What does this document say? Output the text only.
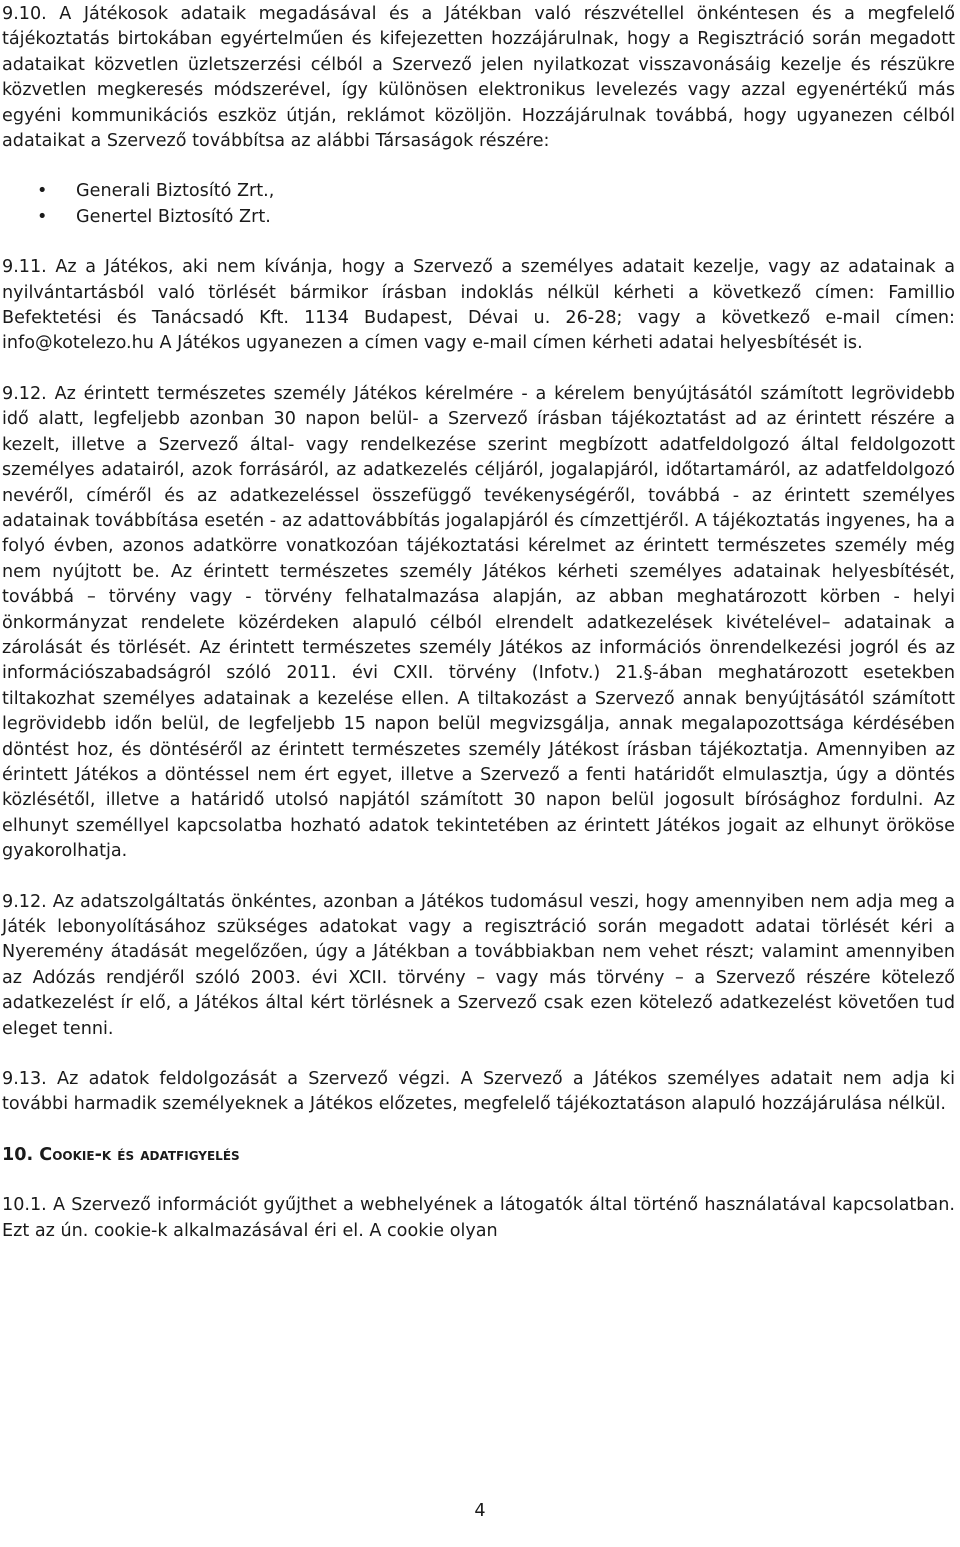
9.10. A Játékosok adataik megadásával és a Játékban való részvétellel önkéntesen és a megfelelő tájékoztatás birtokában egyértelműen és kifejezetten hozzájárulnak, hogy a Regisztráció során megadott adataikat közvetlen üzletszerzési célból a Szervező jelen nyilatkozat visszavonásáig kezelje és részükre közvetlen megkeresés módszerével, így különösen elektronikus levelezés vagy azzal egyenértékű más egyéni kommunikációs eszköz útján, reklámot közöljön. Hozzájárulnak továbbá, hogy ugyanezen célból adataikat a Szervező továbbítsa az alábbi Társaságok részére:

• Generali Biztosító Zrt.,
• Genertel Biztosító Zrt.

9.11. Az a Játékos, aki nem kívánja, hogy a Szervező a személyes adatait kezelje, vagy az adatainak a nyilvántartásból való törlését bármikor írásban indoklás nélkül kérheti a következő címen: Famillio Befektetési és Tanácsadó Kft. 1134 Budapest, Dévai u. 26-28; vagy a következő e-mail címen: info@kotelezo.hu A Játékos ugyanezen a címen vagy e-mail címen kérheti adatai helyesbítését is.

9.12. Az érintett természetes személy Játékos kérelmére - a kérelem benyújtásától számított legrövidebb idő alatt, legfeljebb azonban 30 napon belül- a Szervező írásban tájékoztatást ad az érintett részére a kezelt, illetve a Szervező által- vagy rendelkezése szerint megbízott adatfeldolgozó által feldolgozott személyes adatairól, azok forrásáról, az adatkezelés céljáról, jogalapjáról, időtartamáról, az adatfeldolgozó nevéről, címéről és az adatkezeléssel összefüggő tevékenységéről, továbbá - az érintett személyes adatainak továbbítása esetén - az adattovábbítás jogalapjáról és címzettjéről. A tájékoztatás ingyenes, ha a folyó évben, azonos adatkörre vonatkozóan tájékoztatási kérelmet az érintett természetes személy még nem nyújtott be. Az érintett természetes személy Játékos kérheti személyes adatainak helyesbítését, továbbá – törvény vagy - törvény felhatalmazása alapján, az abban meghatározott körben - helyi önkormányzat rendelete közérdeken alapuló célból elrendelt adatkezelések kivételével– adatainak a zárolását és törlését. Az érintett természetes személy Játékos az információs önrendelkezési jogról és az információszabadságról szóló 2011. évi CXII. törvény (Infotv.) 21.§-ában meghatározott esetekben tiltakozhat személyes adatainak a kezelése ellen. A tiltakozást a Szervező annak benyújtásától számított legrövidebb időn belül, de legfeljebb 15 napon belül megvizsgálja, annak megalapozottsága kérdésében döntést hoz, és döntéséről az érintett természetes személy Játékost írásban tájékoztatja. Amennyiben az érintett Játékos a döntéssel nem ért egyet, illetve a Szervező a fenti határidőt elmulasztja, úgy a döntés közlésétől, illetve a határidő utolsó napjától számított 30 napon belül jogosult bírósághoz fordulni. Az elhunyt személlyel kapcsolatba hozható adatok tekintetében az érintett Játékos jogait az elhunyt örököse gyakorolhatja.

9.12. Az adatszolgáltatás önkéntes, azonban a Játékos tudomásul veszi, hogy amennyiben nem adja meg a Játék lebonyolításához szükséges adatokat vagy a regisztráció során megadott adatai törlését kéri a Nyeremény átadását megelőzően, úgy a Játékban a továbbiakban nem vehet részt; valamint amennyiben az Adózás rendjéről szóló 2003. évi XCII. törvény – vagy más törvény – a Szervező részére kötelező adatkezelést ír elő, a Játékos által kért törlésnek a Szervező csak ezen kötelező adatkezelést követően tud eleget tenni.

9.13. Az adatok feldolgozását a Szervező végzi. A Szervező a Játékos személyes adatait nem adja ki további harmadik személyeknek a Játékos előzetes, megfelelő tájékoztatáson alapuló hozzájárulása nélkül.

10. Cookie-k és adatfigyelés

10.1. A Szervező információt gyűjthet a webhelyének a látogatók által történő használatával kapcsolatban. Ezt az ún. cookie-k alkalmazásával éri el. A cookie olyan

4
